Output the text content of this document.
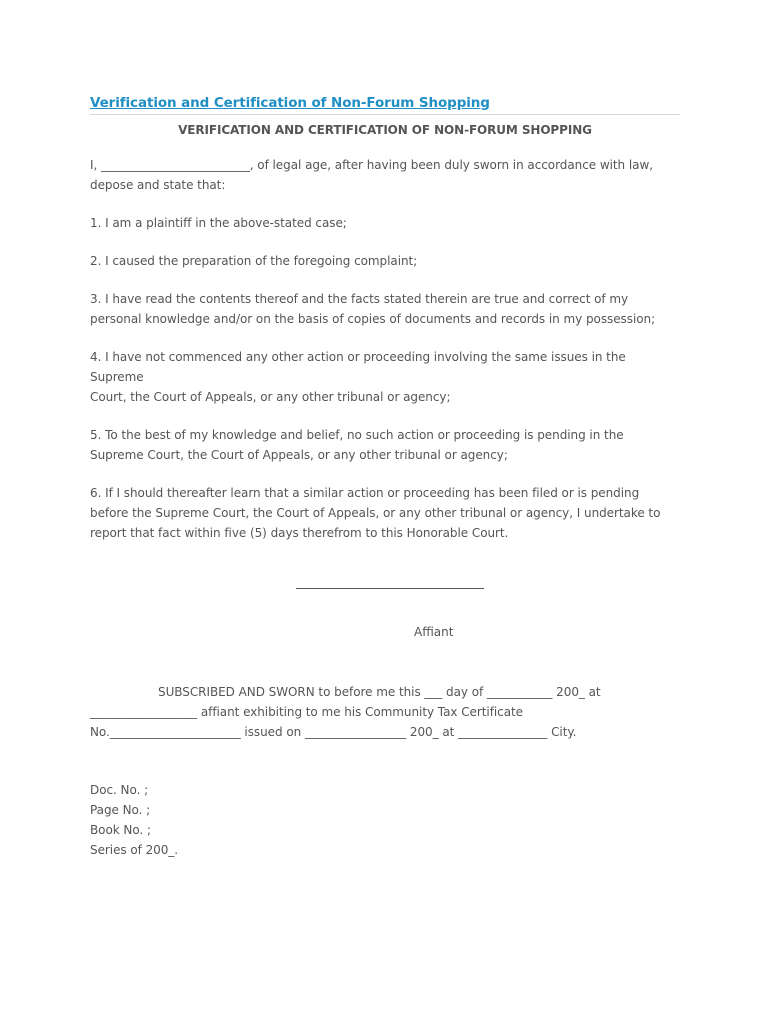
Verification and Certification of Non-Forum Shopping
VERIFICATION AND CERTIFICATION OF NON-FORUM SHOPPING

I, _________________________, of legal age, after having been duly sworn in accordance with law,

depose and state that:

1. I am a plaintiff in the above-stated case;

2. I caused the preparation of the foregoing complaint;

3. I have read the contents thereof and the facts stated therein are true and correct of my

personal knowledge and/or on the basis of copies of documents and records in my possession;

4. I have not commenced any other action or proceeding involving the same issues in the Supreme

Court, the Court of Appeals, or any other tribunal or agency;

5. To the best of my knowledge and belief, no such action or proceeding is pending in the

Supreme Court, the Court of Appeals, or any other tribunal or agency;

6. If I should thereafter learn that a similar action or proceeding has been filed or is pending

before the Supreme Court, the Court of Appeals, or any other tribunal or agency, I undertake to

report that fact within five (5) days therefrom to this Honorable Court.

Affiant

SUBSCRIBED AND SWORN to before me this ___ day of ___________ 200_ at

__________________ affiant exhibiting to me his Community Tax Certificate

No.______________________ issued on _________________ 200_ at _______________ City.

Doc. No. ;

Page No. ;

Book No. ;

Series of 200_.
